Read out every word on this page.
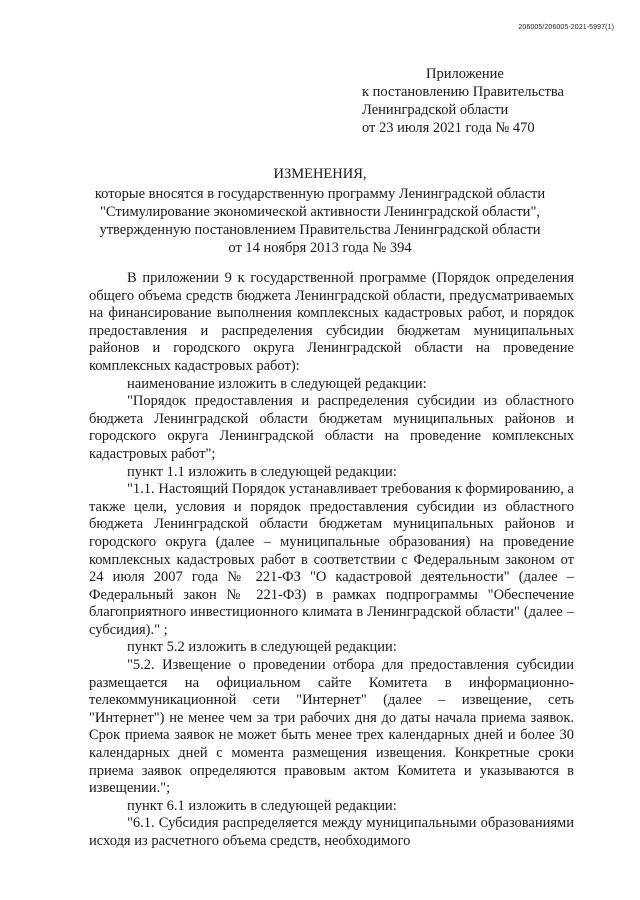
206005/206005-2021-5997(1)
Приложение
к постановлению Правительства
Ленинградской области
от 23 июля 2021 года № 470
ИЗМЕНЕНИЯ,
которые вносятся в государственную программу Ленинградской области
"Стимулирование экономической активности Ленинградской области",
утвержденную постановлением Правительства Ленинградской области
от 14 ноября 2013 года № 394

В приложении 9 к государственной программе (Порядок определения общего объема средств бюджета Ленинградской области, предусматриваемых на финансирование выполнения комплексных кадастровых работ, и порядок предоставления и распределения субсидии бюджетам муниципальных районов и городского округа Ленинградской области на проведение комплексных кадастровых работ):

наименование изложить в следующей редакции:

"Порядок предоставления и распределения субсидии из областного бюджета Ленинградской области бюджетам муниципальных районов и городского округа Ленинградской области на проведение комплексных кадастровых работ";

пункт 1.1 изложить в следующей редакции:

"1.1. Настоящий Порядок устанавливает требования к формированию, а также цели, условия и порядок предоставления субсидии из областного бюджета Ленинградской области бюджетам муниципальных районов и городского округа (далее – муниципальные образования) на проведение комплексных кадастровых работ в соответствии с Федеральным законом от 24 июля 2007 года № 221-ФЗ "О кадастровой деятельности" (далее – Федеральный закон № 221-ФЗ) в рамках подпрограммы "Обеспечение благоприятного инвестиционного климата в Ленинградской области" (далее – субсидия)." ;

пункт 5.2 изложить в следующей редакции:

"5.2. Извещение о проведении отбора для предоставления субсидии размещается на официальном сайте Комитета в информационно-телекоммуникационной сети "Интернет" (далее – извещение, сеть "Интернет") не менее чем за три рабочих дня до даты начала приема заявок. Срок приема заявок не может быть менее трех календарных дней и более 30 календарных дней с момента размещения извещения. Конкретные сроки приема заявок определяются правовым актом Комитета и указываются в извещении.";

пункт 6.1 изложить в следующей редакции:

"6.1. Субсидия распределяется между муниципальными образованиями исходя из расчетного объема средств, необходимого
